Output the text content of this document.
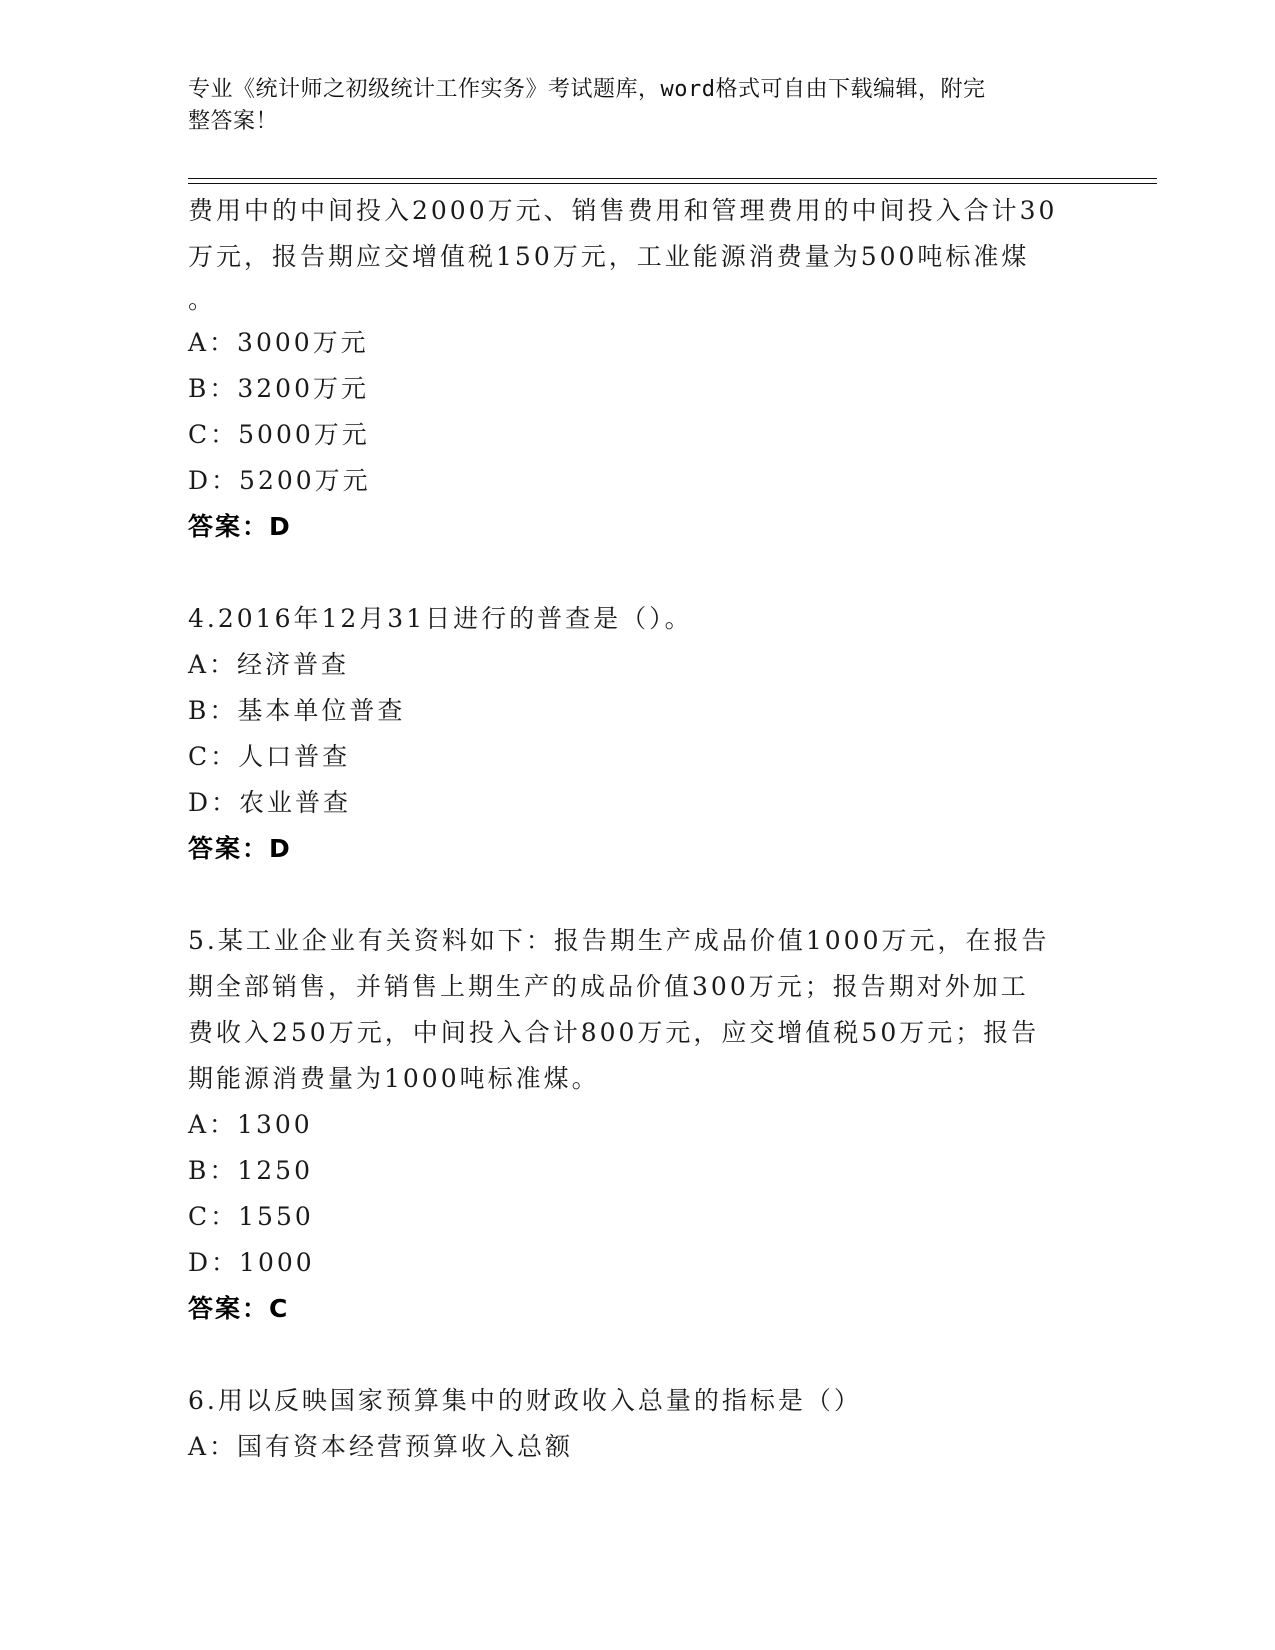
专业《统计师之初级统计工作实务》考试题库，word格式可自由下载编辑，附完
整答案！
费用中的中间投入2000万元、销售费用和管理费用的中间投入合计30
万元，报告期应交增值税150万元，工业能源消费量为500吨标准煤
。
A：3000万元
B：3200万元
C：5000万元
D：5200万元
答案：D
4.2016年12月31日进行的普查是（）。
A：经济普查
B：基本单位普查
C：人口普查
D：农业普查
答案：D
5.某工业企业有关资料如下：报告期生产成品价值1000万元，在报告
期全部销售，并销售上期生产的成品价值300万元；报告期对外加工
费收入250万元，中间投入合计800万元，应交增值税50万元；报告
期能源消费量为1000吨标准煤。
A：1300
B：1250
C：1550
D：1000
答案：C
6.用以反映国家预算集中的财政收入总量的指标是（）
A：国有资本经营预算收入总额
